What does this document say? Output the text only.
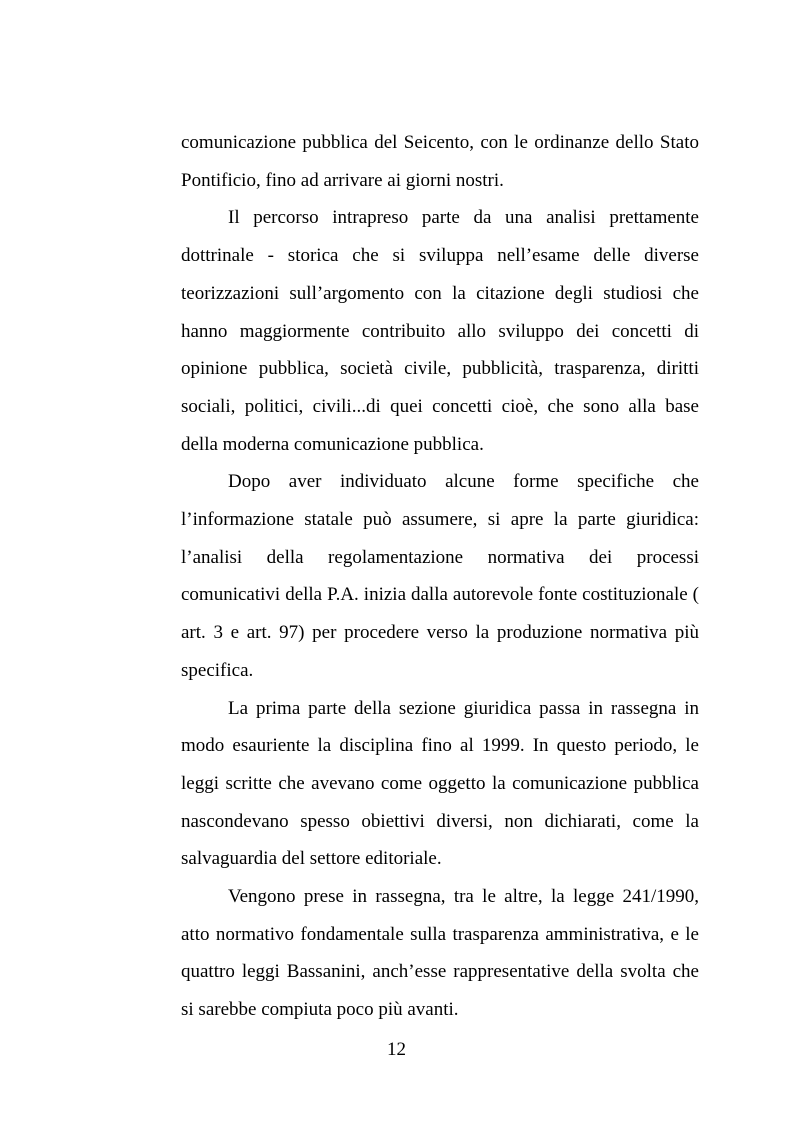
comunicazione pubblica del Seicento, con le ordinanze dello Stato Pontificio, fino ad arrivare ai giorni nostri.

Il percorso intrapreso parte da una analisi prettamente dottrinale - storica che si sviluppa nell’esame delle diverse teorizzazioni sull’argomento con la citazione degli studiosi che hanno maggiormente contribuito allo sviluppo dei concetti di opinione pubblica, società civile, pubblicità, trasparenza, diritti sociali, politici, civili...di quei concetti cioè, che sono alla base della moderna comunicazione pubblica.

Dopo aver individuato alcune forme specifiche che l’informazione statale può assumere, si apre la parte giuridica: l’analisi della regolamentazione normativa dei processi comunicativi della P.A. inizia dalla autorevole fonte costituzionale ( art. 3 e art. 97) per procedere verso la produzione normativa più specifica.

La prima parte della sezione giuridica passa in rassegna in modo esauriente la disciplina fino al 1999. In questo periodo, le leggi scritte che avevano come oggetto la comunicazione pubblica nascondevano spesso obiettivi diversi, non dichiarati, come la salvaguardia del settore editoriale.

Vengono prese in rassegna, tra le altre, la legge 241/1990, atto normativo fondamentale sulla trasparenza amministrativa, e le quattro leggi Bassanini, anch’esse rappresentative della svolta che si sarebbe compiuta poco più avanti.

12
